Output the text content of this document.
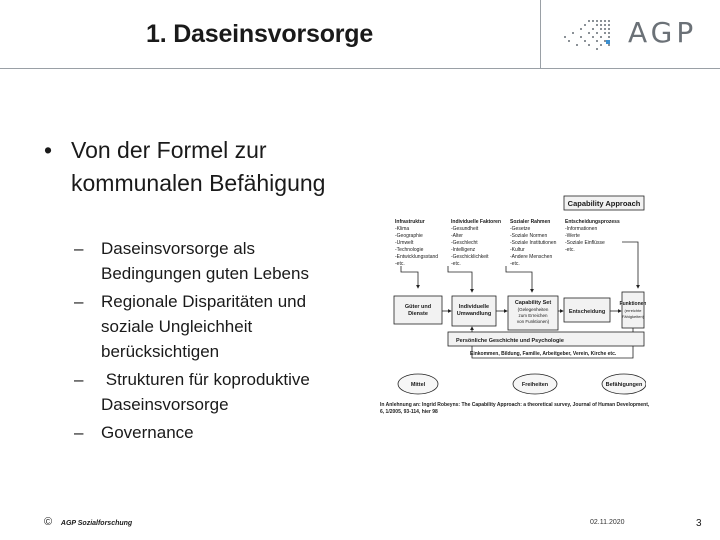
1. Daseinsvorsorge	AGP
• Von der Formel zur kommunalen Befähigung
–	Daseinsvorsorge als Bedingungen guten Lebens
–	Regionale Disparitäten und soziale Ungleichheit berücksichtigen
–	Strukturen für koproduktive Daseinsvorsorge
–	Governance
Capability Approach
Infrastruktur
-Klima
-Geographie
-Umwelt
-Technologie
-Entwicklungsstand
-etc.
Individuelle Faktoren
-Gesundheit
-Alter
-Geschlecht
-Intelligenz
-Geschicklichkeit
-etc.
Sozialer Rahmen
-Gesetze
-Soziale Normen
-Soziale Institutionen
-Kultur
-Andere Menschen
-etc.
Entscheidungsprozess
-Informationen
-Werte
-Soziale Einflüsse
-etc.
Güter und
Dienste
Individuelle
Umwandlung
Capability Set
(Gelegenheiten
zum Erreichen
von Funktionen)
Entscheidung
Funktionen
(erreichte
Fähigkeiten)
Persönliche Geschichte und Psychologie
Einkommen, Bildung, Familie, Arbeitgeber, Verein, Kirche etc.
Mittel	Freiheiten	Befähigungen
In Anlehnung an: Ingrid Robeyns: The Capability Approach: a theoretical survey, Journal of Human Development, 6, 1/2005, 93-114, hier 98
© AGP Sozialforschung	02.11.2020	3
